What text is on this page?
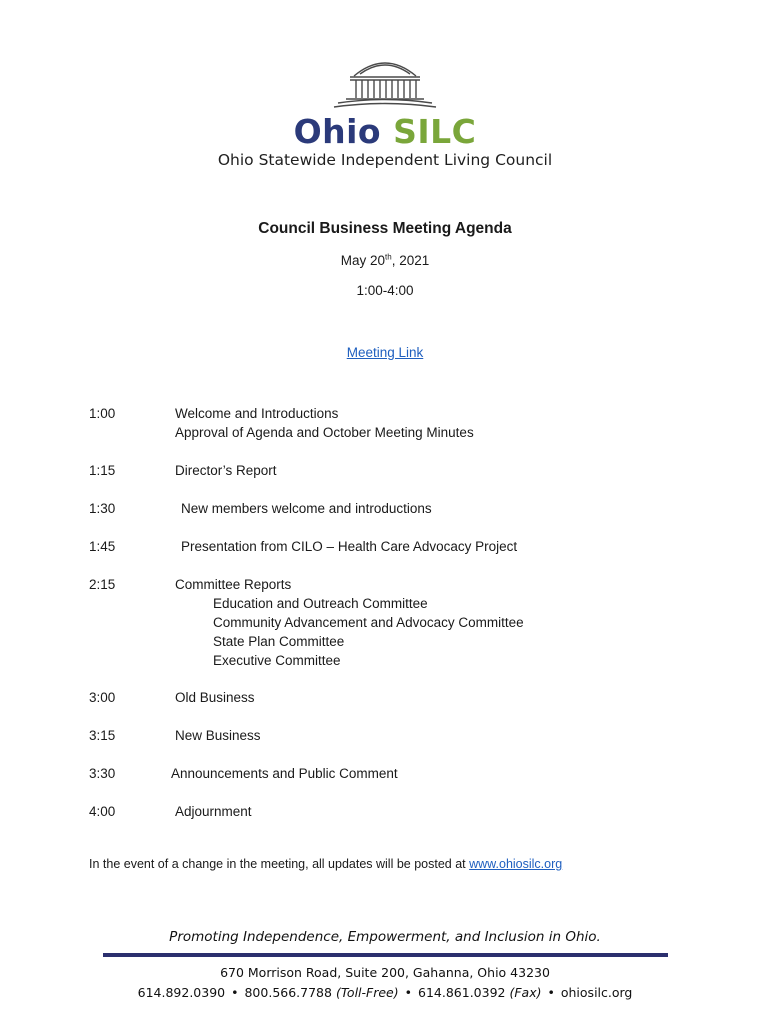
Ohio SILC
Ohio Statewide Independent Living Council
Council Business Meeting Agenda
May 20th, 2021
1:00-4:00
Meeting Link
1:00	Welcome and Introductions
Approval of Agenda and October Meeting Minutes
1:15	Director’s Report
1:30	New members welcome and introductions
1:45	Presentation from CILO – Health Care Advocacy Project
2:15	Committee Reports
Education and Outreach Committee
Community Advancement and Advocacy Committee
State Plan Committee
Executive Committee
3:00	Old Business
3:15	New Business
3:30	Announcements and Public Comment
4:00	Adjournment
In the event of a change in the meeting, all updates will be posted at www.ohiosilc.org
Promoting Independence, Empowerment, and Inclusion in Ohio.
670 Morrison Road, Suite 200, Gahanna, Ohio 43230
614.892.0390 • 800.566.7788 (Toll-Free) • 614.861.0392 (Fax) • ohiosilc.org
